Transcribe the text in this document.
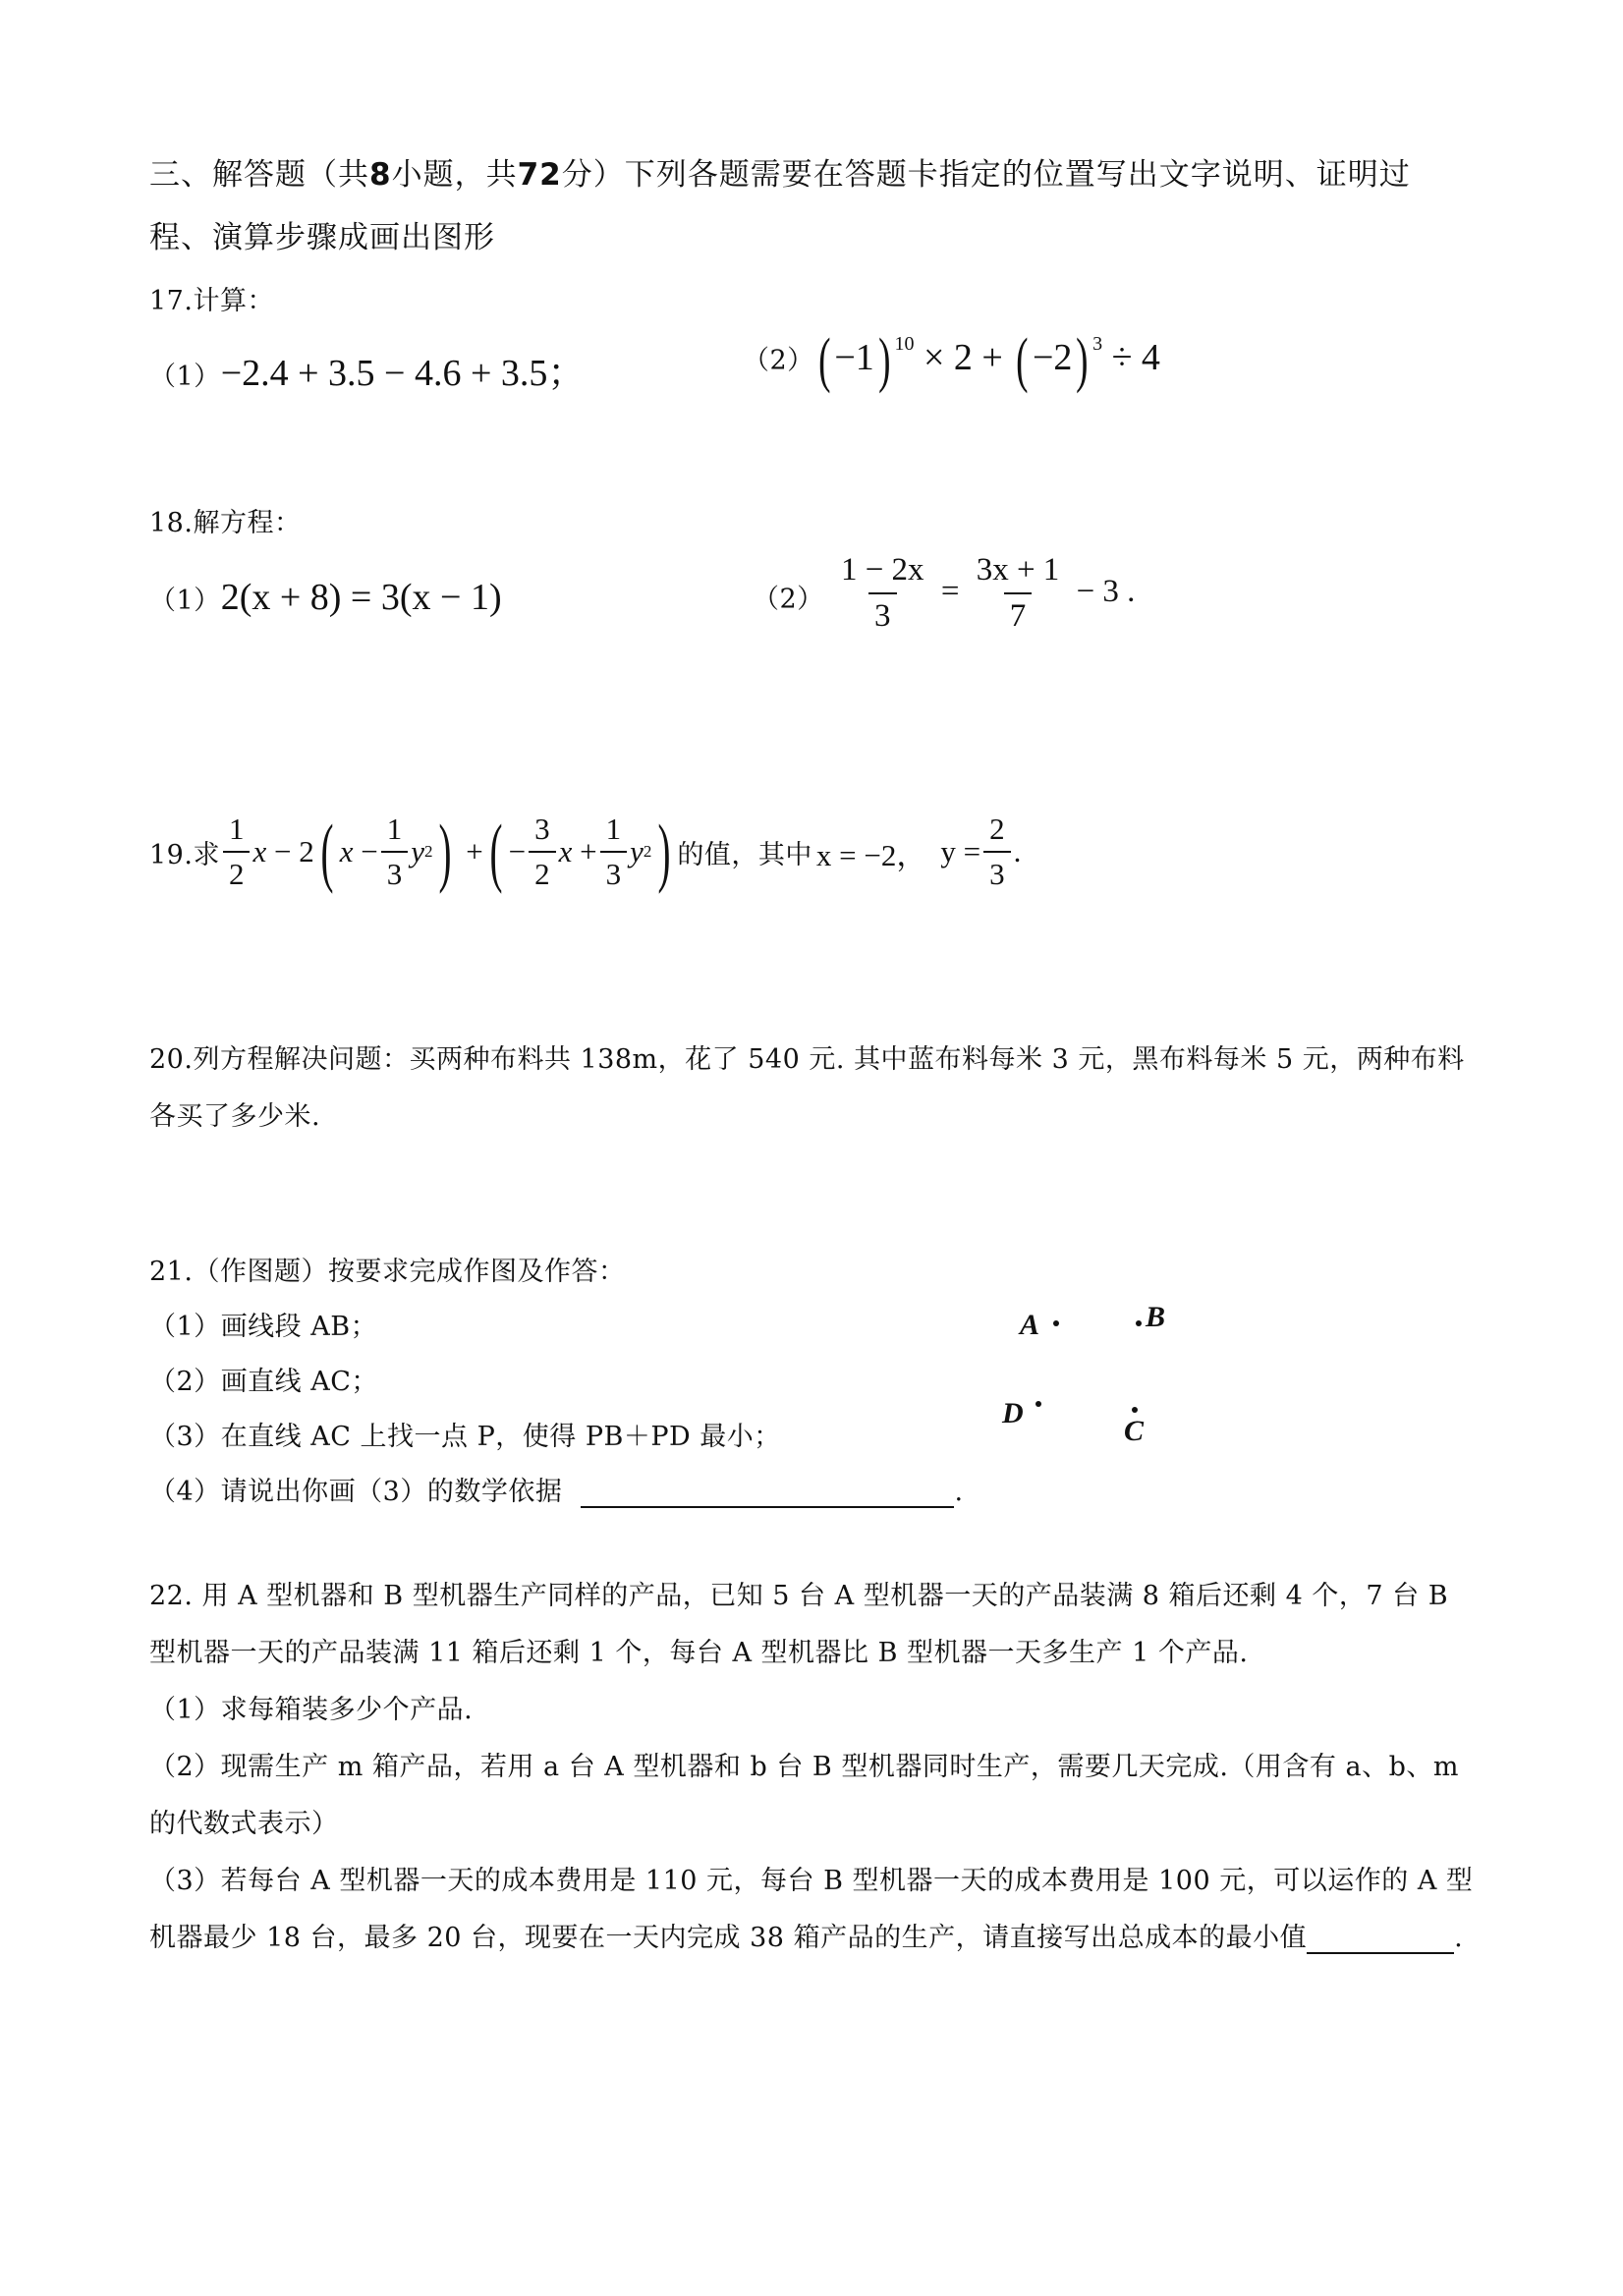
三、解答题（共8小题，共72分）下列各题需要在答题卡指定的位置写出文字说明、证明过
程、演算步骤成画出图形
17.计算：
（1）−2.4 + 3.5 − 4.6 + 3.5；	（2）( −1) $^{10}$ × 2 + ( −2) $^3$ ÷ 4
18.解方程：
（1）2(x + 8) = 3(x − 1)	$(2) \frac{1 - 2x}{3} = \frac{3x + 1}{7} - 3$ .
19.求 $\frac{1}{2}$ x − 2 ( $x - \frac{1}{3}$ y 2 ) + ( − $\frac{3}{2}$ $x + \frac{1}{3}$ y 2 ) 的值，其中 x = −2， $y = \frac{2}{3}$ .
20.列方程解决问题：买两种布料共 138m，花了 540 元. 其中蓝布料每米 3 元，黑布料每米 5 元，两种布料
各买了多少米.
21.（作图题）按要求完成作图及作答：
（1）画线段 AB；
（2）画直线 AC；
（3）在直线 AC 上找一点 P，使得 PB＋PD 最小；
（4）请说出你画（3）的数学依据	.
A	B
D
C
22. 用 A 型机器和 B 型机器生产同样的产品，已知 5 台 A 型机器一天的产品装满 8 箱后还剩 4 个，7 台 B
型机器一天的产品装满 11 箱后还剩 1 个，每台 A 型机器比 B 型机器一天多生产 1 个产品.
（1）求每箱装多少个产品.
（2）现需生产 m 箱产品，若用 a 台 A 型机器和 b 台 B 型机器同时生产，需要几天完成.（用含有 a、b、m
的代数式表示）
（3）若每台 A 型机器一天的成本费用是 110 元，每台 B 型机器一天的成本费用是 100 元，可以运作的 A 型
机器最少 18 台，最多 20 台，现要在一天内完成 38 箱产品的生产，请直接写出总成本的最小值	.
